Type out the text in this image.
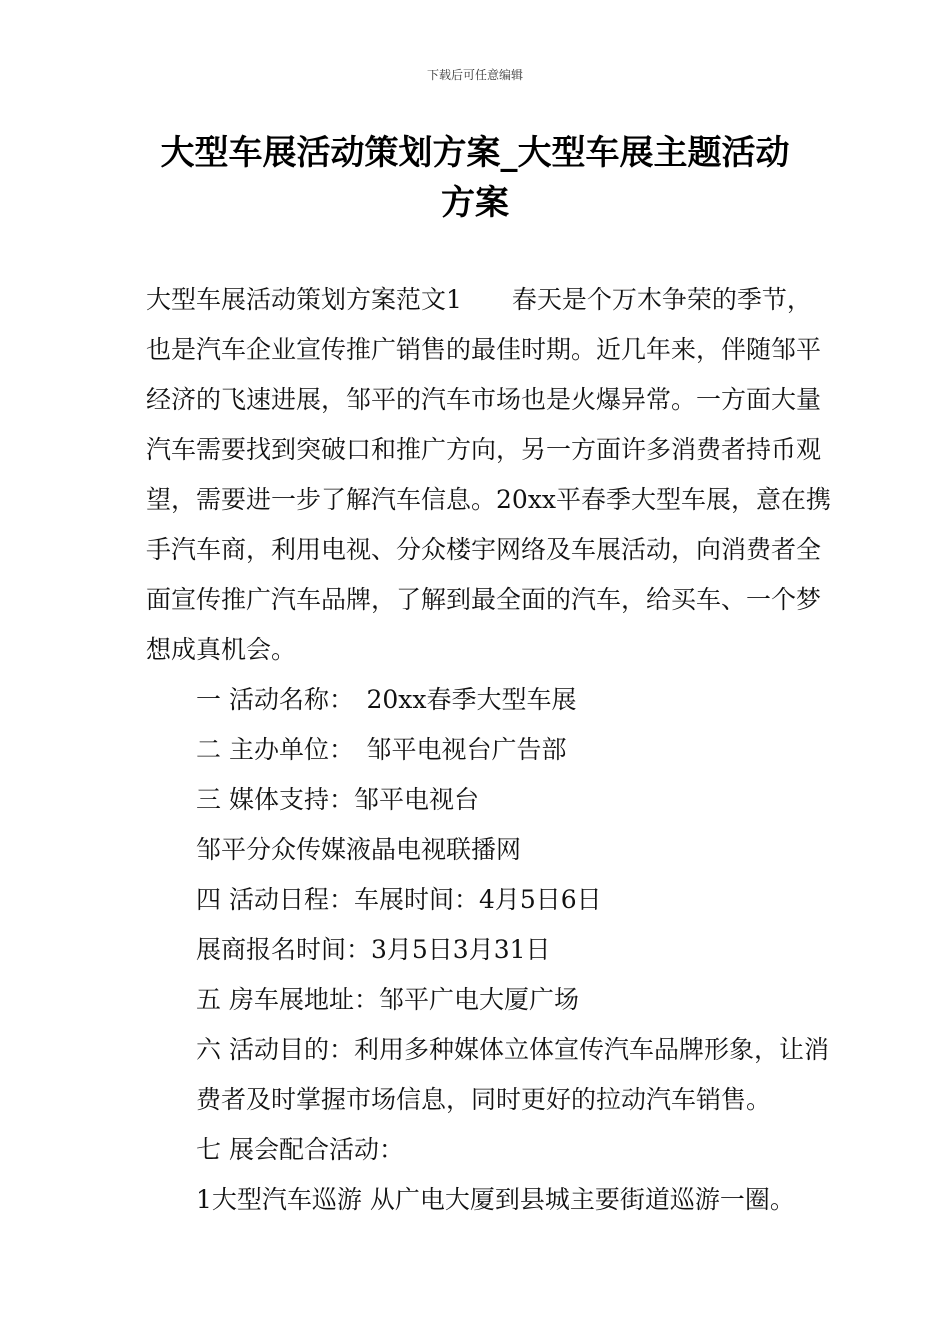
下载后可任意编辑
大型车展活动策划方案_大型车展主题活动
方案

大型车展活动策划方案范文1　　春天是个万木争荣的季节，也是汽车企业宣传推广销售的最佳时期。近几年来，伴随邹平经济的飞速进展，邹平的汽车市场也是火爆异常。一方面大量汽车需要找到突破口和推广方向，另一方面许多消费者持币观望，需要进一步了解汽车信息。20xx平春季大型车展，意在携手汽车商，利用电视、分众楼宇网络及车展活动，向消费者全面宣传推广汽车品牌，了解到最全面的汽车，给买车、一个梦想成真机会。

一 活动名称：　20xx春季大型车展

二 主办单位：　邹平电视台广告部

三 媒体支持：邹平电视台

邹平分众传媒液晶电视联播网

四 活动日程：车展时间：4月5日6日

展商报名时间：3月5日3月31日

五 房车展地址：邹平广电大厦广场

六 活动目的：利用多种媒体立体宣传汽车品牌形象，让消费者及时掌握市场信息，同时更好的拉动汽车销售。

七 展会配合活动：

1大型汽车巡游 从广电大厦到县城主要街道巡游一圈。
